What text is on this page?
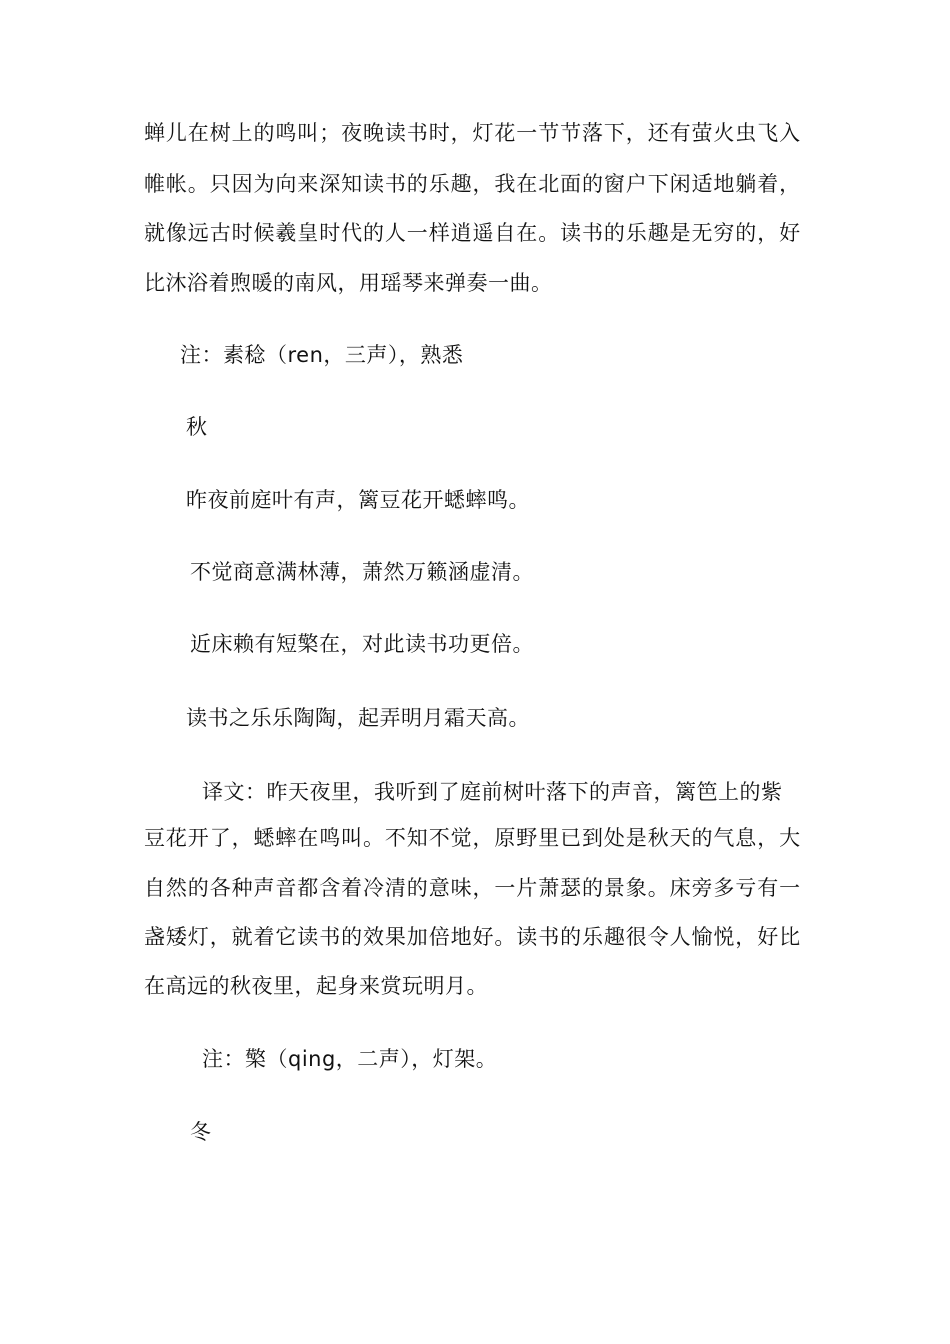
蝉儿在树上的鸣叫；夜晚读书时，灯花一节节落下，还有萤火虫飞入
帷帐。只因为向来深知读书的乐趣，我在北面的窗户下闲适地躺着，
就像远古时候羲皇时代的人一样逍遥自在。读书的乐趣是无穷的，好
比沐浴着煦暖的南风，用瑶琴来弹奏一曲。
注：素稔（ren，三声），熟悉
秋
昨夜前庭叶有声，篱豆花开蟋蟀鸣。
不觉商意满林薄，萧然万籁涵虚清。
近床赖有短檠在，对此读书功更倍。
读书之乐乐陶陶，起弄明月霜天高。
译文：昨天夜里，我听到了庭前树叶落下的声音，篱笆上的紫
豆花开了，蟋蟀在鸣叫。不知不觉，原野里已到处是秋天的气息，大
自然的各种声音都含着冷清的意味，一片萧瑟的景象。床旁多亏有一
盏矮灯，就着它读书的效果加倍地好。读书的乐趣很令人愉悦，好比
在高远的秋夜里，起身来赏玩明月。
注：檠（qing，二声），灯架。
冬
